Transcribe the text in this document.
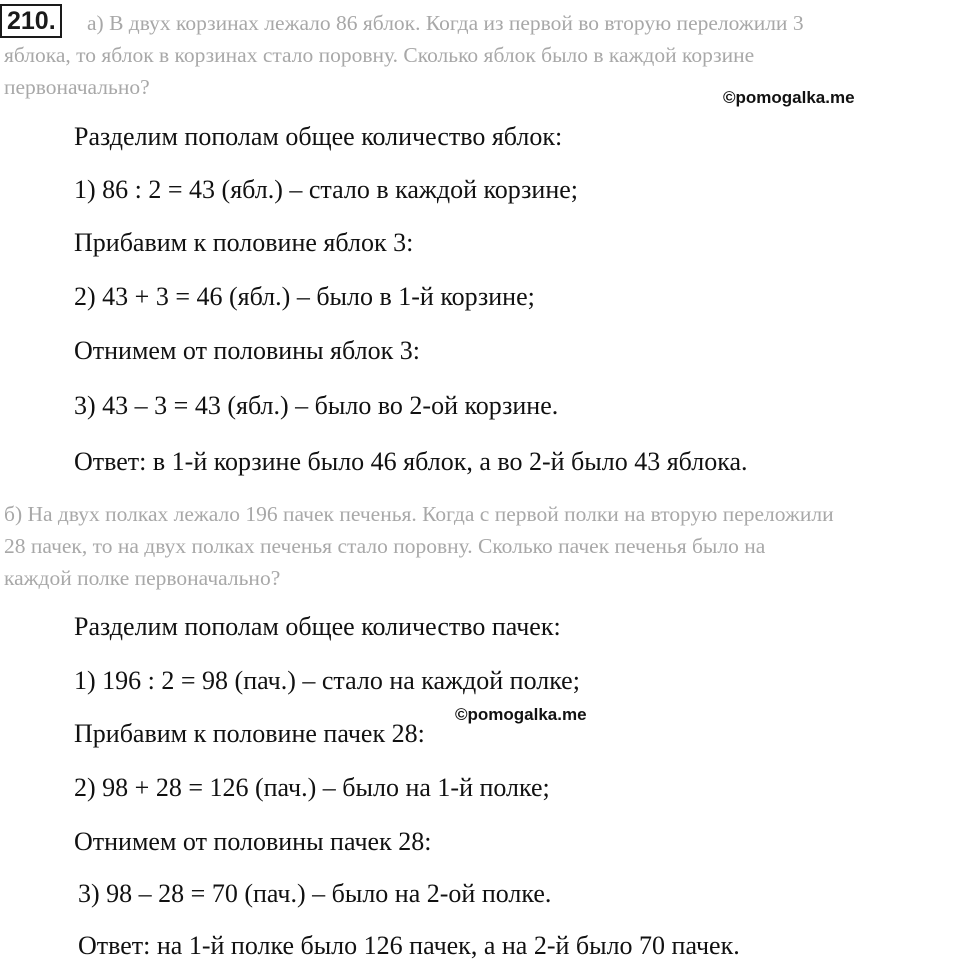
210. а) В двух корзинах лежало 86 яблок. Когда из первой во вторую переложили 3
яблока, то яблок в корзинах стало поровну. Сколько яблок было в каждой корзине
первоначально?	©pomogalka.me
Разделим пополам общее количество яблок:
1) 86 : 2 = 43 (ябл.) – стало в каждой корзине;
Прибавим к половине яблок 3:
2) 43 + 3 = 46 (ябл.) – было в 1-й корзине;
Отнимем от половины яблок 3:
3) 43 – 3 = 43 (ябл.) – было во 2-ой корзине.
Ответ: в 1-й корзине было 46 яблок, а во 2-й было 43 яблока.
б) На двух полках лежало 196 пачек печенья. Когда с первой полки на вторую переложили
28 пачек, то на двух полках печенья стало поровну. Сколько пачек печенья было на
каждой полке первоначально?
Разделим пополам общее количество пачек:
1) 196 : 2 = 98 (пач.) – стало на каждой полке;
Прибавим к половине пачек 28:
2) 98 + 28 = 126 (пач.) – было на 1-й полке;
Отнимем от половины пачек 28:
3) 98 – 28 = 70 (пач.) – было на 2-ой полке.
Ответ: на 1-й полке было 126 пачек, а на 2-й было 70 пачек.
©pomogalka.me
